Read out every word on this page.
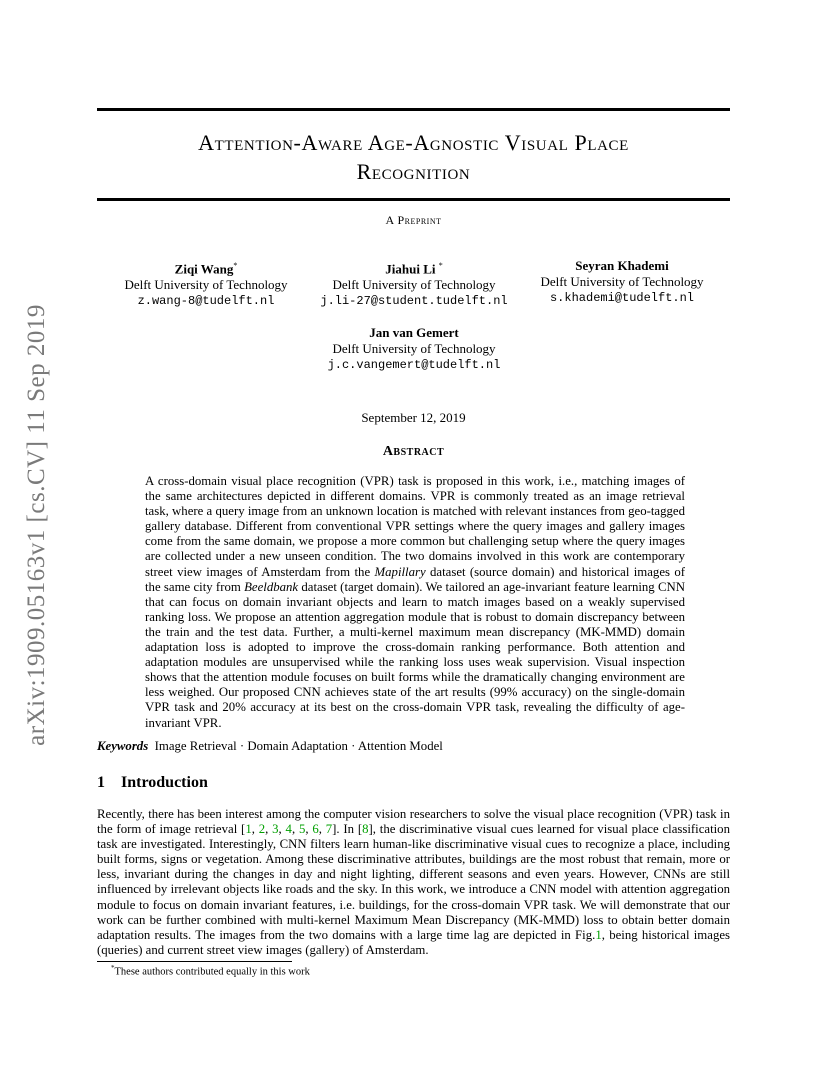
arXiv:1909.05163v1 [cs.CV] 11 Sep 2019
Attention-Aware Age-Agnostic Visual Place
Recognition
A Preprint
Ziqi Wang*
Delft University of Technology
z.wang-8@tudelft.nl
Jiahui Li *
Delft University of Technology
j.li-27@student.tudelft.nl
Seyran Khademi
Delft University of Technology
s.khademi@tudelft.nl
Jan van Gemert
Delft University of Technology
j.c.vangemert@tudelft.nl
September 12, 2019
Abstract
A cross-domain visual place recognition (VPR) task is proposed in this work, i.e., matching images of the same architectures depicted in different domains. VPR is commonly treated as an image retrieval task, where a query image from an unknown location is matched with relevant instances from geo-tagged gallery database. Different from conventional VPR settings where the query images and gallery images come from the same domain, we propose a more common but challenging setup where the query images are collected under a new unseen condition. The two domains involved in this work are contemporary street view images of Amsterdam from the Mapillary dataset (source domain) and historical images of the same city from Beeldbank dataset (target domain). We tailored an age-invariant feature learning CNN that can focus on domain invariant objects and learn to match images based on a weakly supervised ranking loss. We propose an attention aggregation module that is robust to domain discrepancy between the train and the test data. Further, a multi-kernel maximum mean discrepancy (MK-MMD) domain adaptation loss is adopted to improve the cross-domain ranking performance. Both attention and adaptation modules are unsupervised while the ranking loss uses weak supervision. Visual inspection shows that the attention module focuses on built forms while the dramatically changing environment are less weighed. Our proposed CNN achieves state of the art results (99% accuracy) on the single-domain VPR task and 20% accuracy at its best on the cross-domain VPR task, revealing the difficulty of age-invariant VPR.
Keywords Image Retrieval · Domain Adaptation · Attention Model
1 Introduction
Recently, there has been interest among the computer vision researchers to solve the visual place recognition (VPR) task in the form of image retrieval [1, 2, 3, 4, 5, 6, 7]. In [8], the discriminative visual cues learned for visual place classification task are investigated. Interestingly, CNN filters learn human-like discriminative visual cues to recognize a place, including built forms, signs or vegetation. Among these discriminative attributes, buildings are the most robust that remain, more or less, invariant during the changes in day and night lighting, different seasons and even years. However, CNNs are still influenced by irrelevant objects like roads and the sky. In this work, we introduce a CNN model with attention aggregation module to focus on domain invariant features, i.e. buildings, for the cross-domain VPR task. We will demonstrate that our work can be further combined with multi-kernel Maximum Mean Discrepancy (MK-MMD) loss to obtain better domain adaptation results. The images from the two domains with a large time lag are depicted in Fig.1, being historical images (queries) and current street view images (gallery) of Amsterdam.
*These authors contributed equally in this work
